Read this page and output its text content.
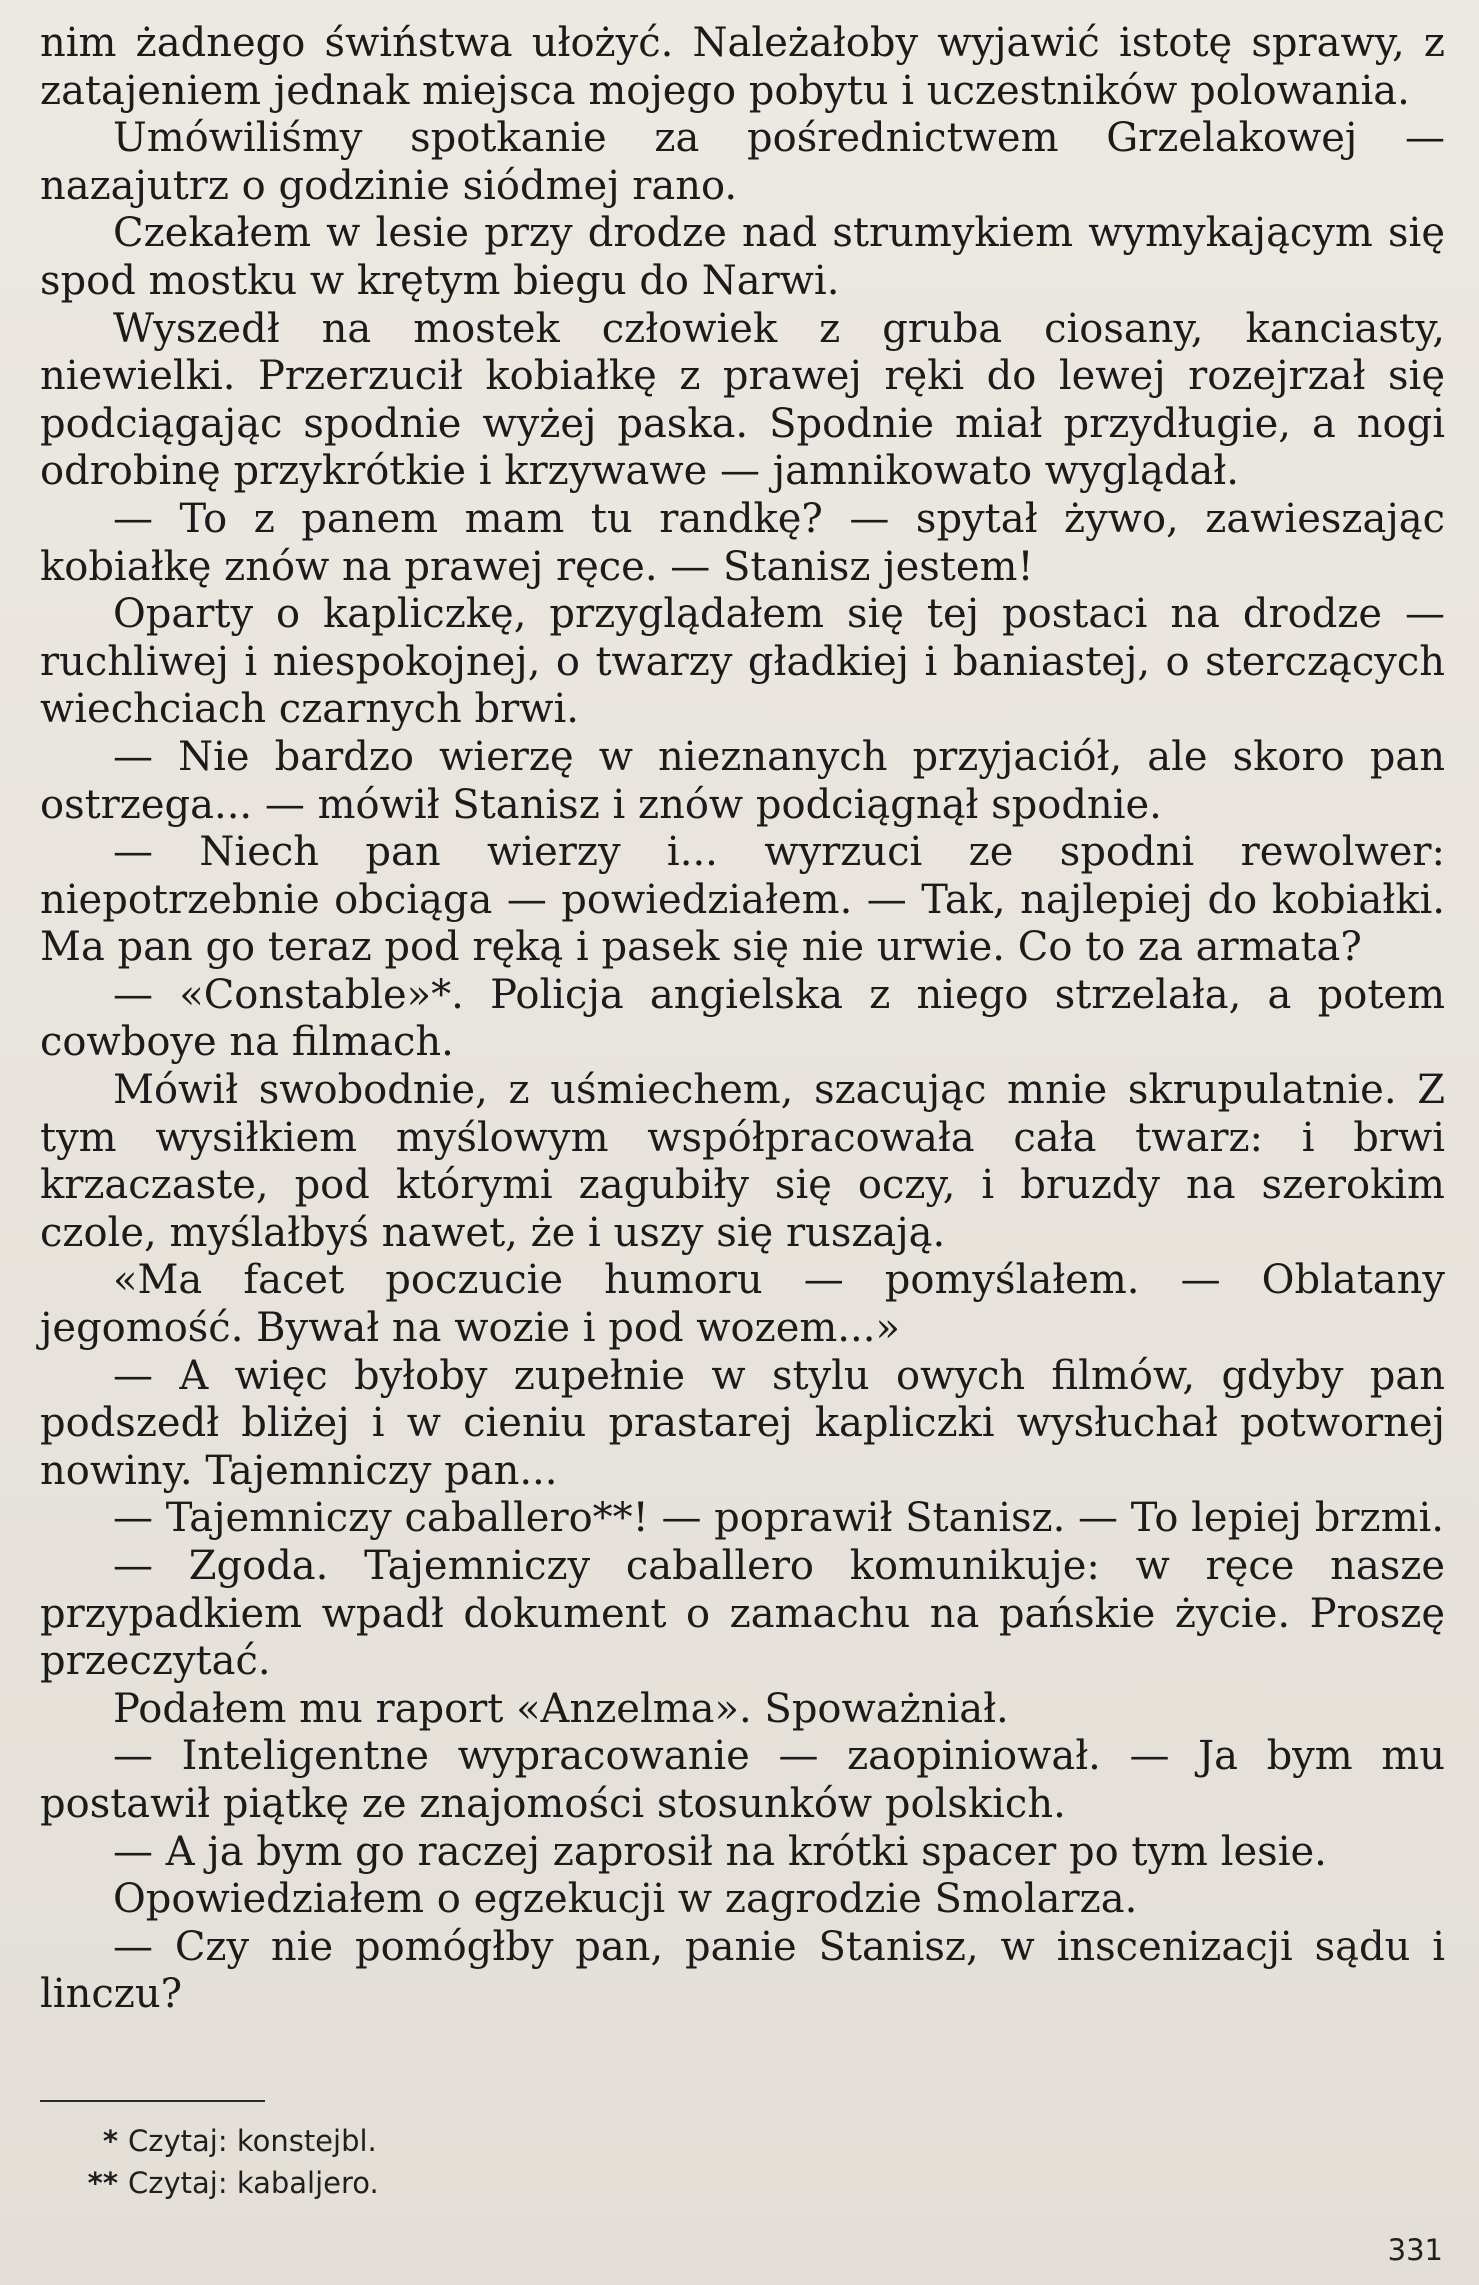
nim żadnego świństwa ułożyć. Należałoby wyjawić istotę sprawy, z zatajeniem jednak miejsca mojego pobytu i uczestników polowania.

Umówiliśmy spotkanie za pośrednictwem Grzelakowej — nazajutrz o godzinie siódmej rano.

Czekałem w lesie przy drodze nad strumykiem wymykającym się spod mostku w krętym biegu do Narwi.

Wyszedł na mostek człowiek z gruba ciosany, kanciasty, niewielki. Przerzucił kobiałkę z prawej ręki do lewej rozejrzał się podciągając spodnie wyżej paska. Spodnie miał przydługie, a nogi odrobinę przykrótkie i krzywawe — jamnikowato wyglądał.

— To z panem mam tu randkę? — spytał żywo, zawieszając kobiałkę znów na prawej ręce. — Stanisz jestem!

Oparty o kapliczkę, przyglądałem się tej postaci na drodze — ruchliwej i niespokojnej, o twarzy gładkiej i baniastej, o sterczących wiechciach czarnych brwi.

— Nie bardzo wierzę w nieznanych przyjaciół, ale skoro pan ostrzega... — mówił Stanisz i znów podciągnął spodnie.

— Niech pan wierzy i... wyrzuci ze spodni rewolwer: niepotrzebnie obciąga — powiedziałem. — Tak, najlepiej do kobiałki. Ma pan go teraz pod ręką i pasek się nie urwie. Co to za armata?

— «Constable»*. Policja angielska z niego strzelała, a potem cowboye na filmach.

Mówił swobodnie, z uśmiechem, szacując mnie skrupulatnie. Z tym wysiłkiem myślowym współpracowała cała twarz: i brwi krzaczaste, pod którymi zagubiły się oczy, i bruzdy na szerokim czole, myślałbyś nawet, że i uszy się ruszają.

«Ma facet poczucie humoru — pomyślałem. — Oblatany jegomość. Bywał na wozie i pod wozem...»

— A więc byłoby zupełnie w stylu owych filmów, gdyby pan podszedł bliżej i w cieniu prastarej kapliczki wysłuchał potwornej nowiny. Tajemniczy pan...

— Tajemniczy caballero**! — poprawił Stanisz. — To lepiej brzmi.

— Zgoda. Tajemniczy caballero komunikuje: w ręce nasze przypadkiem wpadł dokument o zamachu na pańskie życie. Proszę przeczytać.

Podałem mu raport «Anzelma». Spoważniał.

— Inteligentne wypracowanie — zaopiniował. — Ja bym mu postawił piątkę ze znajomości stosunków polskich.

— A ja bym go raczej zaprosił na krótki spacer po tym lesie.

Opowiedziałem o egzekucji w zagrodzie Smolarza.

— Czy nie pomógłby pan, panie Stanisz, w inscenizacji sądu i linczu?

* Czytaj: konstejbl.

** Czytaj: kabaljero.

331
